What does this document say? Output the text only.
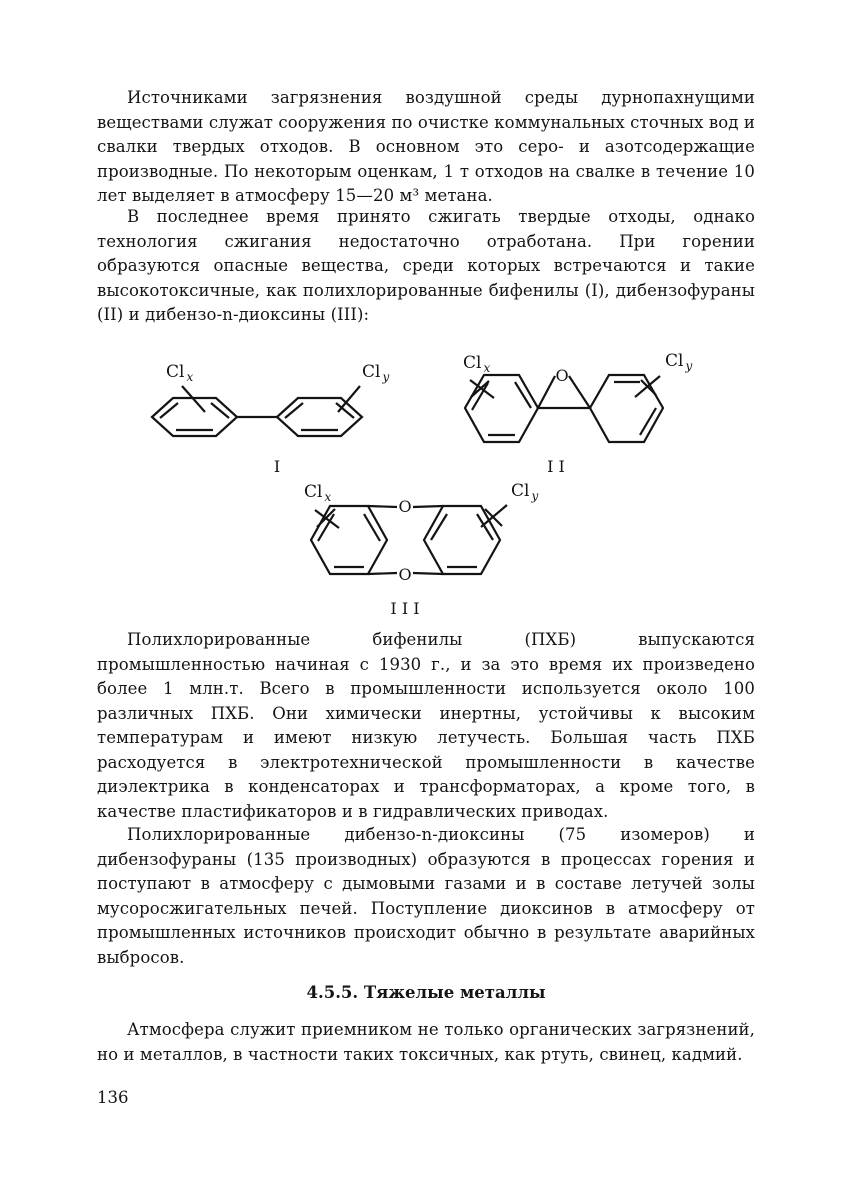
Источниками загрязнения воздушной среды дурнопахнущими веществами служат сооружения по очистке коммунальных сточных вод и свалки твердых отходов. В основном это серо- и азотсодержащие производные. По некоторым оценкам, 1 т отходов на свалке в течение 10 лет выделяет в атмосферу 15—20 м³ метана.

В последнее время принято сжигать твердые отходы, однако технология сжигания недостаточно отработана. При горении образуются опасные вещества, среди которых встречаются и такие высокотоксичные, как полихлорированные бифенилы (I), дибензофураны (II) и дибензо-n-диоксины (III):

Cl $_x$	Cl $_y$
I
O
Cl $_x$	Cl $_y$
I I
O
O
Cl $_x$	Cl $_y$
I I I

Полихлорированные бифенилы (ПХБ) выпускаются промышленностью начиная с 1930 г., и за это время их произведено более 1 млн.т. Всего в промышленности используется около 100 различных ПХБ. Они химически инертны, устойчивы к высоким температурам и имеют низкую летучесть. Большая часть ПХБ расходуется в электротехнической промышленности в качестве диэлектрика в конденсаторах и трансформаторах, а кроме того, в качестве пластификаторов и в гидравлических приводах.

Полихлорированные дибензо-n-диоксины (75 изомеров) и дибензофураны (135 производных) образуются в процессах горения и поступают в атмосферу с дымовыми газами и в составе летучей золы мусоросжигательных печей. Поступление диоксинов в атмосферу от промышленных источников происходит обычно в результате аварийных выбросов.

4.5.5. Тяжелые металлы

Атмосфера служит приемником не только органических загрязнений, но и металлов, в частности таких токсичных, как ртуть, свинец, кадмий.

136
